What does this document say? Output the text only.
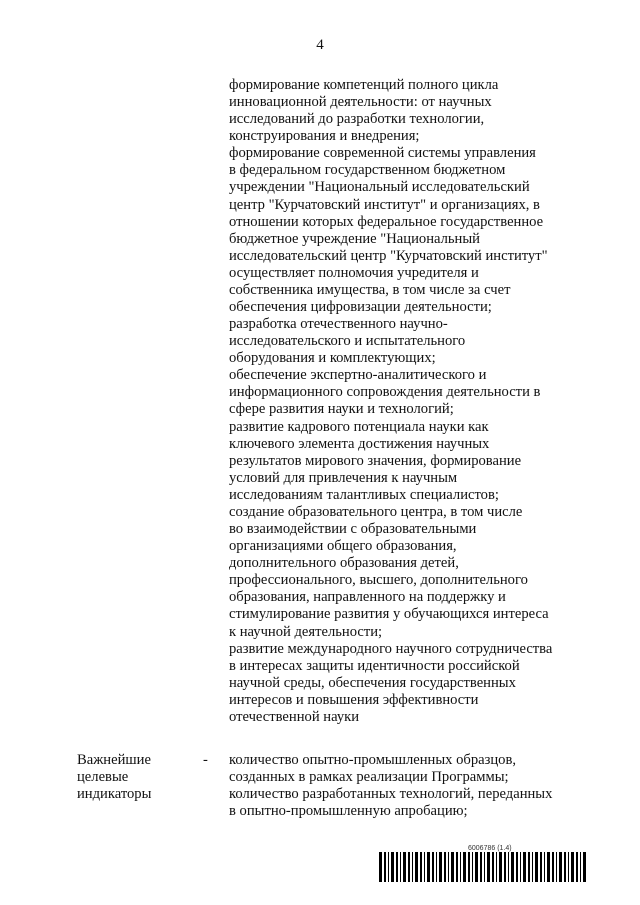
4
формирование компетенций полного цикла
инновационной деятельности: от научных
исследований до разработки технологии,
конструирования и внедрения;
формирование современной системы управления
в федеральном государственном бюджетном
учреждении "Национальный исследовательский
центр "Курчатовский институт" и организациях, в
отношении которых федеральное государственное
бюджетное учреждение "Национальный
исследовательский центр "Курчатовский институт"
осуществляет полномочия учредителя и
собственника имущества, в том числе за счет
обеспечения цифровизации деятельности;
разработка отечественного научно-
исследовательского и испытательного
оборудования и комплектующих;
обеспечение экспертно-аналитического и
информационного сопровождения деятельности в
сфере развития науки и технологий;
развитие кадрового потенциала науки как
ключевого элемента достижения научных
результатов мирового значения, формирование
условий для привлечения к научным
исследованиям талантливых специалистов;
создание образовательного центра, в том числе
во взаимодействии с образовательными
организациями общего образования,
дополнительного образования детей,
профессионального, высшего, дополнительного
образования, направленного на поддержку и
стимулирование развития у обучающихся интереса
к научной деятельности;
развитие международного научного сотрудничества
в интересах защиты идентичности российской
научной среды, обеспечения государственных
интересов и повышения эффективности
отечественной науки
Важнейшие
целевые
индикаторы
- количество опытно-промышленных образцов,
созданных в рамках реализации Программы;
количество разработанных технологий, переданных
в опытно-промышленную апробацию;
6006786 (1.4)
